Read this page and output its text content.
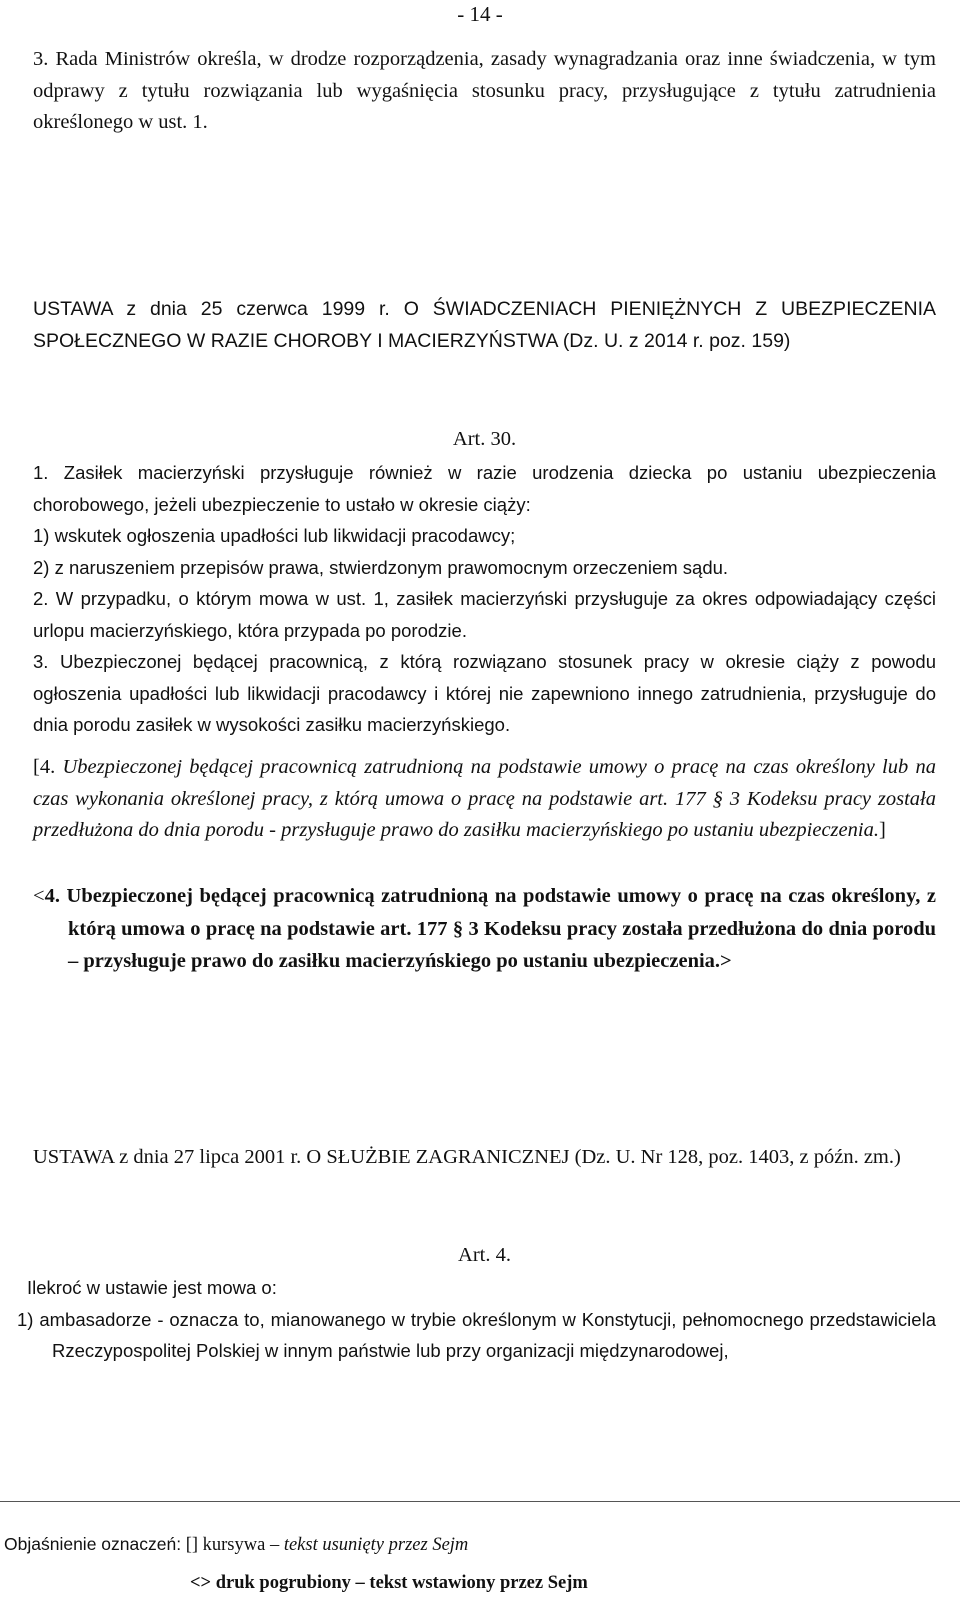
- 14 -

3. Rada Ministrów określa, w drodze rozporządzenia, zasady wynagradzania oraz inne świadczenia, w tym odprawy z tytułu rozwiązania lub wygaśnięcia stosunku pracy, przysługujące z tytułu zatrudnienia określonego w ust. 1.

USTAWA z dnia 25 czerwca 1999 r. O ŚWIADCZENIACH PIENIĘŻNYCH Z UBEZPIECZENIA SPOŁECZNEGO W RAZIE CHOROBY I MACIERZYŃSTWA (Dz. U. z 2014 r. poz. 159)

Art. 30.

1. Zasiłek macierzyński przysługuje również w razie urodzenia dziecka po ustaniu ubezpieczenia chorobowego, jeżeli ubezpieczenie to ustało w okresie ciąży:

1) wskutek ogłoszenia upadłości lub likwidacji pracodawcy;

2) z naruszeniem przepisów prawa, stwierdzonym prawomocnym orzeczeniem sądu.

2. W przypadku, o którym mowa w ust. 1, zasiłek macierzyński przysługuje za okres odpowiadający części urlopu macierzyńskiego, która przypada po porodzie.

3. Ubezpieczonej będącej pracownicą, z którą rozwiązano stosunek pracy w okresie ciąży z powodu ogłoszenia upadłości lub likwidacji pracodawcy i której nie zapewniono innego zatrudnienia, przysługuje do dnia porodu zasiłek w wysokości zasiłku macierzyńskiego.

[4. Ubezpieczonej będącej pracownicą zatrudnioną na podstawie umowy o pracę na czas określony lub na czas wykonania określonej pracy, z którą umowa o pracę na podstawie art. 177 § 3 Kodeksu pracy została przedłużona do dnia porodu - przysługuje prawo do zasiłku macierzyńskiego po ustaniu ubezpieczenia.]

<4. Ubezpieczonej będącej pracownicą zatrudnioną na podstawie umowy o pracę na czas określony, z którą umowa o pracę na podstawie art. 177 § 3 Kodeksu pracy została przedłużona do dnia porodu – przysługuje prawo do zasiłku macierzyńskiego po ustaniu ubezpieczenia.>

USTAWA z dnia 27 lipca 2001 r. O SŁUŻBIE ZAGRANICZNEJ (Dz. U. Nr 128, poz. 1403, z późn. zm.)

Art. 4.

Ilekroć w ustawie jest mowa o:

1) ambasadorze - oznacza to, mianowanego w trybie określonym w Konstytucji, pełnomocnego przedstawiciela Rzeczypospolitej Polskiej w innym państwie lub przy organizacji międzynarodowej,

Objaśnienie oznaczeń: [] kursywa – tekst usunięty przez Sejm
<> druk pogrubiony – tekst wstawiony przez Sejm
